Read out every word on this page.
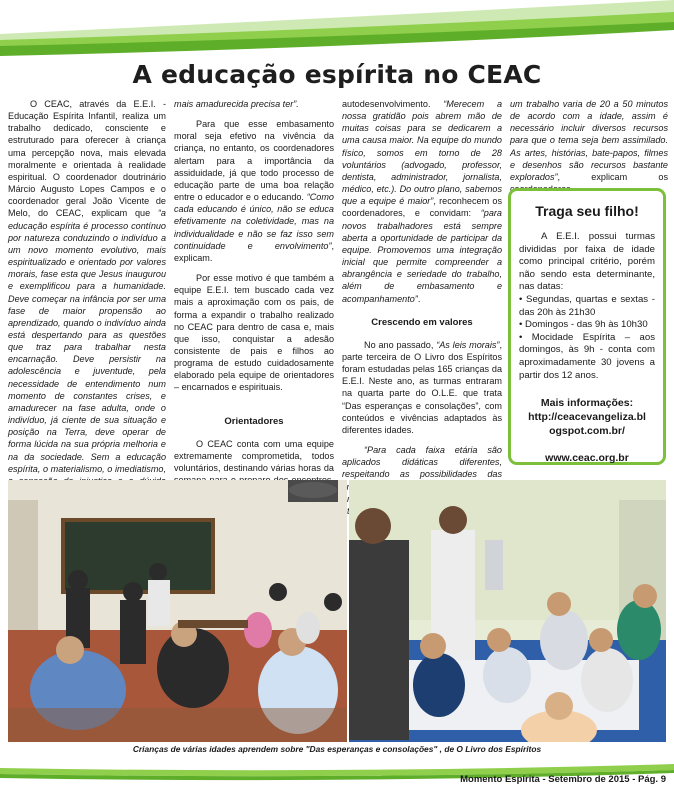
A educação espírita no CEAC

O CEAC, através da E.E.I. - Educação Espírita Infantil, realiza um trabalho dedicado, consciente e estruturado para oferecer à criança uma percepção nova, mais elevada moralmente e orientada à realidade espiritual. O coordenador doutrinário Márcio Augusto Lopes Campos e o coordenador geral João Vicente de Melo, do CEAC, explicam que “a educação espírita é processo contínuo por natureza conduzindo o indivíduo a um novo momento evolutivo, mais espiritualizado e orientado por valores morais, fase esta que Jesus inaugurou e exemplificou para a humanidade. Deve começar na infância por ser uma fase de maior propensão ao aprendizado, quando o indivíduo ainda está despertando para as questões que traz para trabalhar nesta encarnação. Deve persistir na adolescência e juventude, pela necessidade de entendimento num momento de constantes crises, e amadurecer na fase adulta, onde o indivíduo, já ciente de sua situação e posição na Terra, deve operar de forma lúcida na sua própria melhoria e na da sociedade. Sem a educação espírita, o materialismo, o imediatismo,

mais amadurecida precisa ter”.

Para que esse embasamento moral seja efetivo na vivência da criança, no entanto, os coordenadores alertam para a importância da assiduidade, já que todo processo de educação parte de uma boa relação entre o educador e o educando. “Como cada educando é único, não se educa efetivamente na coletividade, mas na individualidade e não se faz isso sem continuidade e envolvimento”, explicam.

Por esse motivo é que também a equipe E.E.I. tem buscado cada vez mais a aproximação com os pais, de forma a expandir o trabalho realizado no CEAC para dentro de casa e, mais que isso, conquistar a adesão consistente de pais e filhos ao programa de estudo cuidadosamente elaborado pela equipe de orientadores – encarnados e espirituais.

Orientadores

O CEAC conta com uma equipe extremamente comprometida, todos voluntários, destinando várias horas da

autodesenvolvimento. “Merecem a nossa gratidão pois abrem mão de muitas coisas para se dedicarem a uma causa maior. Na equipe do mundo físico, somos em torno de 28 voluntários (advogado, professor, dentista, administrador, jornalista, médico, etc.). Do outro plano, sabemos que a equipe é maior”, reconhecem os coordenadores, e convidam: “para novos trabalhadores está sempre aberta a oportunidade de participar da equipe. Promovemos uma integração inicial que permite compreender a abrangência e seriedade do trabalho, além de embasamento e acompanhamento”.

Crescendo em valores

No ano passado, “As leis morais”, parte terceira de O Livro dos Espíritos foram estudadas pelas 165 crianças da E.E.I. Neste ano, as turmas entraram na quarta parte do O.L.E. que trata “Das esperanças e consolações”, com conteúdos e vivências adaptados às diferentes idades.

“Para cada faixa etária são aplicados didáticas diferentes, respeitando as possibilidades das

um trabalho varia de 20 a 50 minutos de acordo com a idade, assim é necessário incluir diversos recursos para que o tema seja bem assimilado. As artes, histórias, bate-papos, filmes e desenhos são recursos bastante explorados”, explicam os

Traga seu filho!

A E.E.I. possui turmas divididas por faixa de idade como principal critério, porém não sendo esta determinante, nas datas:

• Segundas, quartas e sextas - das 20h às 21h30

• Domingos - das 9h às 10h30

• Mocidade Espírita – aos domingos, às 9h - conta com aproximadamente 30 jovens a partir dos 12 anos.

Mais informações:
http://ceacevangeliza.blogspot.com.br/
www.ceac.org.br
Crianças de várias idades aprendem sobre "Das esperanças e consolações" , de O Livro dos Espíritos
Momento Espírita - Setembro de 2015 - Pág. 9
